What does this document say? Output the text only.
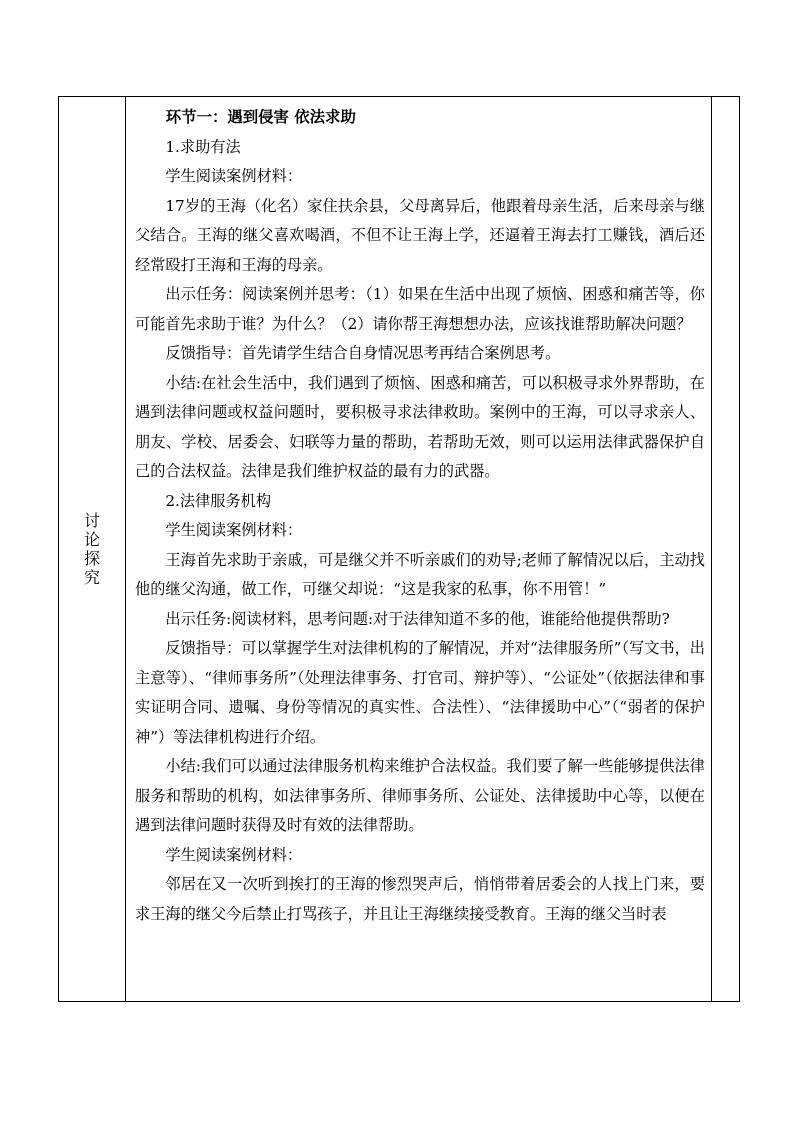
讨论探究	

环节一：遇到侵害 依法求助

1.求助有法

学生阅读案例材料：

17岁的王海（化名）家住扶余县，父母离异后，他跟着母亲生活，后来母亲与继父结合。王海的继父喜欢喝酒，不但不让王海上学，还逼着王海去打工赚钱，酒后还经常殴打王海和王海的母亲。

出示任务：阅读案例并思考：（1）如果在生活中出现了烦恼、困惑和痛苦等，你可能首先求助于谁？为什么？（2）请你帮王海想想办法，应该找谁帮助解决问题？

反馈指导：首先请学生结合自身情况思考再结合案例思考。

小结:在社会生活中，我们遇到了烦恼、困惑和痛苦，可以积极寻求外界帮助，在遇到法律问题或权益问题时，要积极寻求法律救助。案例中的王海，可以寻求亲人、朋友、学校、居委会、妇联等力量的帮助，若帮助无效，则可以运用法律武器保护自己的合法权益。法律是我们维护权益的最有力的武器。

2.法律服务机构

学生阅读案例材料：

王海首先求助于亲戚，可是继父并不听亲戚们的劝导;老师了解情况以后，主动找他的继父沟通，做工作，可继父却说：“这是我家的私事，你不用管！”

出示任务:阅读材料，思考问题:对于法律知道不多的他，谁能给他提供帮助?

反馈指导：可以掌握学生对法律机构的了解情况，并对“法律服务所”（写文书，出主意等）、“律师事务所”（处理法律事务、打官司、辩护等）、“公证处”（依据法律和事实证明合同、遗嘱、身份等情况的真实性、合法性）、“法律援助中心”（“弱者的保护神”）等法律机构进行介绍。

小结:我们可以通过法律服务机构来维护合法权益。我们要了解一些能够提供法律服务和帮助的机构，如法律事务所、律师事务所、公证处、法律援助中心等，以便在遇到法律问题时获得及时有效的法律帮助。

学生阅读案例材料：

邻居在又一次听到挨打的王海的惨烈哭声后，悄悄带着居委会的人找上门来，要求王海的继父今后禁止打骂孩子，并且让王海继续接受教育。王海的继父当时表
